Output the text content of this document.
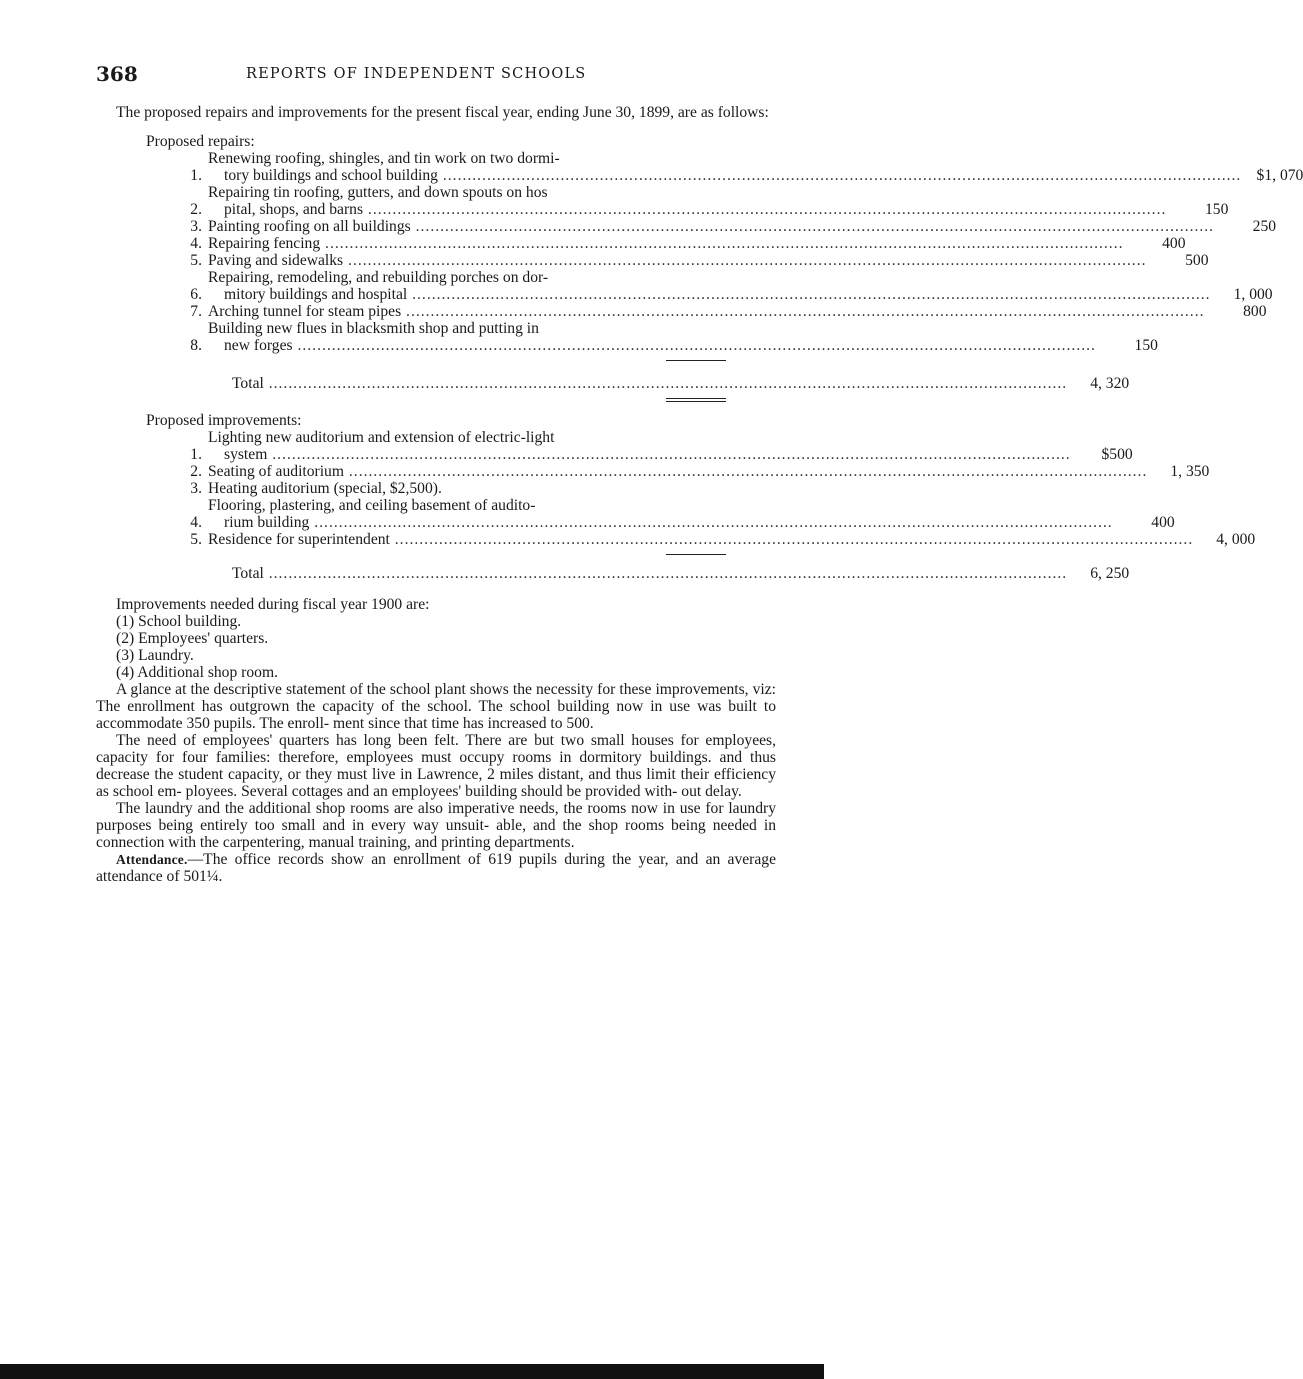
368	REPORTS OF INDEPENDENT SCHOOLS

The proposed repairs and improvements for the present fiscal year, ending June 30, 1899, are as follows:

Proposed repairs:

1.
Renewing roofing, shingles, and tin work on two dormi-
tory buildings and school building .....	$1, 070
2.
Repairing tin roofing, gutters, and down spouts on hos
pital, shops, and barns .....	150
3. Painting roofing on all buildings .....	250
4. Repairing fencing .....	400
5. Paving and sidewalks .....	500
6.
Repairing, remodeling, and rebuilding porches on dor-
mitory buildings and hospital .....	1, 000
7. Arching tunnel for steam pipes .....	800
8.
Building new flues in blacksmith shop and putting in
new forges .....	150
Total .....	4, 320

Proposed improvements:

1.
Lighting new auditorium and extension of electric-light
system .....	$500
2. Seating of auditorium .....	1, 350
3. Heating auditorium (special, $2,500).
4.
Flooring, plastering, and ceiling basement of audito-
rium building .....	400
5. Residence for superintendent .....	4, 000
Total .....	6, 250

Improvements needed during fiscal year 1900 are:

(1) School building.
(2) Employees' quarters.
(3) Laundry.
(4) Additional shop room.

A glance at the descriptive statement of the school plant shows the necessity for these improvements, viz: The enrollment has outgrown the capacity of the school. The school building now in use was built to accommodate 350 pupils. The enroll- ment since that time has increased to 500.

The need of employees' quarters has long been felt. There are but two small houses for employees, capacity for four families: therefore, employees must occupy rooms in dormitory buildings. and thus decrease the student capacity, or they must live in Lawrence, 2 miles distant, and thus limit their efficiency as school em- ployees. Several cottages and an employees' building should be provided with- out delay.

The laundry and the additional shop rooms are also imperative needs, the rooms now in use for laundry purposes being entirely too small and in every way unsuit- able, and the shop rooms being needed in connection with the carpentering, manual training, and printing departments.

Attendance.—The office records show an enrollment of 619 pupils during the year, and an average attendance of 501¼.
